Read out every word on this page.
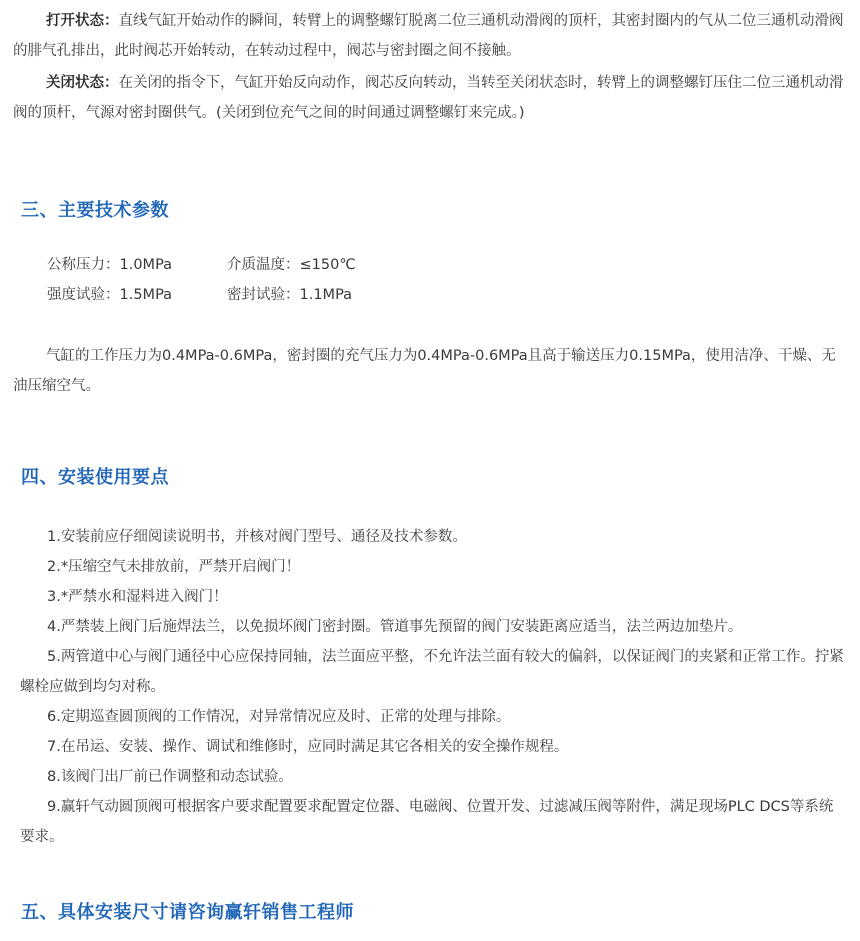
打开状态：直线气缸开始动作的瞬间，转臂上的调整螺钉脱离二位三通机动滑阀的顶杆，其密封圈内的气从二位三通机动滑阀的腓气孔排出，此时阀芯开始转动，在转动过程中，阀芯与密封圈之间不接触。
关闭状态：在关闭的指令下，气缸开始反向动作，阀芯反向转动，当转至关闭状态时，转臂上的调整螺钉压住二位三通机动滑阀的顶杆，气源对密封圈供气。(关闭到位充气之间的时间通过调整螺钉来完成。)
三、主要技术参数
公称压力：1.0MPa	介质温度：≤150℃
强度试验：1.5MPa	密封试验：1.1MPa
气缸的工作压力为0.4MPa-0.6MPa，密封圈的充气压力为0.4MPa-0.6MPa且高于输送压力0.15MPa，使用洁净、干燥、无油压缩空气。
四、安装使用要点

1.安装前应仔细阅读说明书，并核对阀门型号、通径及技术参数。

2.*压缩空气未排放前，严禁开启阀门！

3.*严禁水和湿料进入阀门！

4.严禁装上阀门后施焊法兰，以免损坏阀门密封圈。管道事先预留的阀门安装距离应适当，法兰两边加垫片。

5.两管道中心与阀门通径中心应保持同轴，法兰面应平整，不允许法兰面有较大的偏斜，以保证阀门的夹紧和正常工作。拧紧螺栓应做到均匀对称。

6.定期巡查圆顶阀的工作情况，对异常情况应及时、正常的处理与排除。

7.在吊运、安装、操作、调试和维修时，应同时满足其它各相关的安全操作规程。

8.该阀门出厂前已作调整和动态试验。

9.赢轩气动圆顶阀可根据客户要求配置要求配置定位器、电磁阀、位置开发、过滤减压阀等附件，满足现场PLC DCS等系统要求。

五、具体安装尺寸请咨询赢轩销售工程师
